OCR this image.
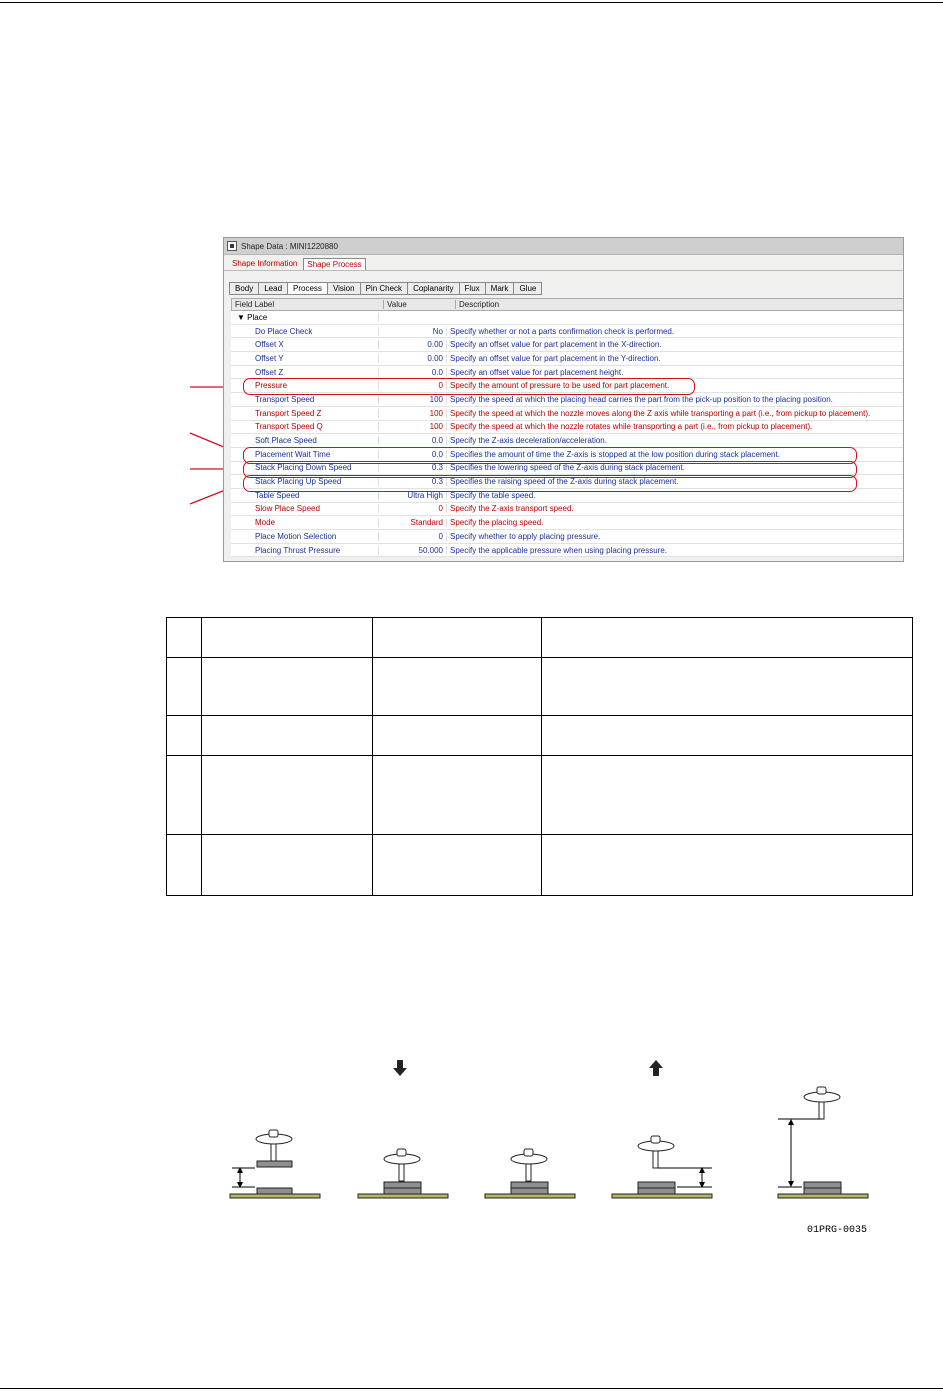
Shape Data : MINI1220880
Shape Information	Shape Process
Body	Lead	Process	Vision	Pin Check	Coplanarity	Flux	Mark	Glue
Field Label	Value	Description
▼ Place
Do Place Check	No Specify whether or not a parts confirmation check is performed.
Offset X	0.00 Specify an offset value for part placement in the X-direction.
Offset Y	0.00 Specify an offset value for part placement in the Y-direction.
Offset Z	0.0 Specify an offset value for part placement height.
Pressure	0 Specify the amount of pressure to be used for part placement.
Transport Speed	100 Specify the speed at which the placing head carries the part from the pick-up position to the placing position.
Transport Speed Z	100 Specify the speed at which the nozzle moves along the Z axis while transporting a part (i.e., from pickup to placement).
Transport Speed Q	100 Specify the speed at which the nozzle rotates while transporting a part (i.e., from pickup to placement).
Soft Place Speed	0.0 Specify the Z-axis deceleration/acceleration.
Placement Wait Time	0.0 Specifies the amount of time the Z-axis is stopped at the low position during stack placement.
Stack Placing Down Speed	0.3 Specifies the lowering speed of the Z-axis during stack placement.
Stack Placing Up Speed	0.3 Specifies the raising speed of the Z-axis during stack placement.
Table Speed	Ultra High Specify the table speed.
Slow Place Speed	0 Specify the Z-axis transport speed.
Mode	Standard Specify the placing speed.
Place Motion Selection	0 Specify whether to apply placing pressure.
Placing Thrust Pressure	50.000 Specify the applicable pressure when using placing pressure.

01PRG-0035
